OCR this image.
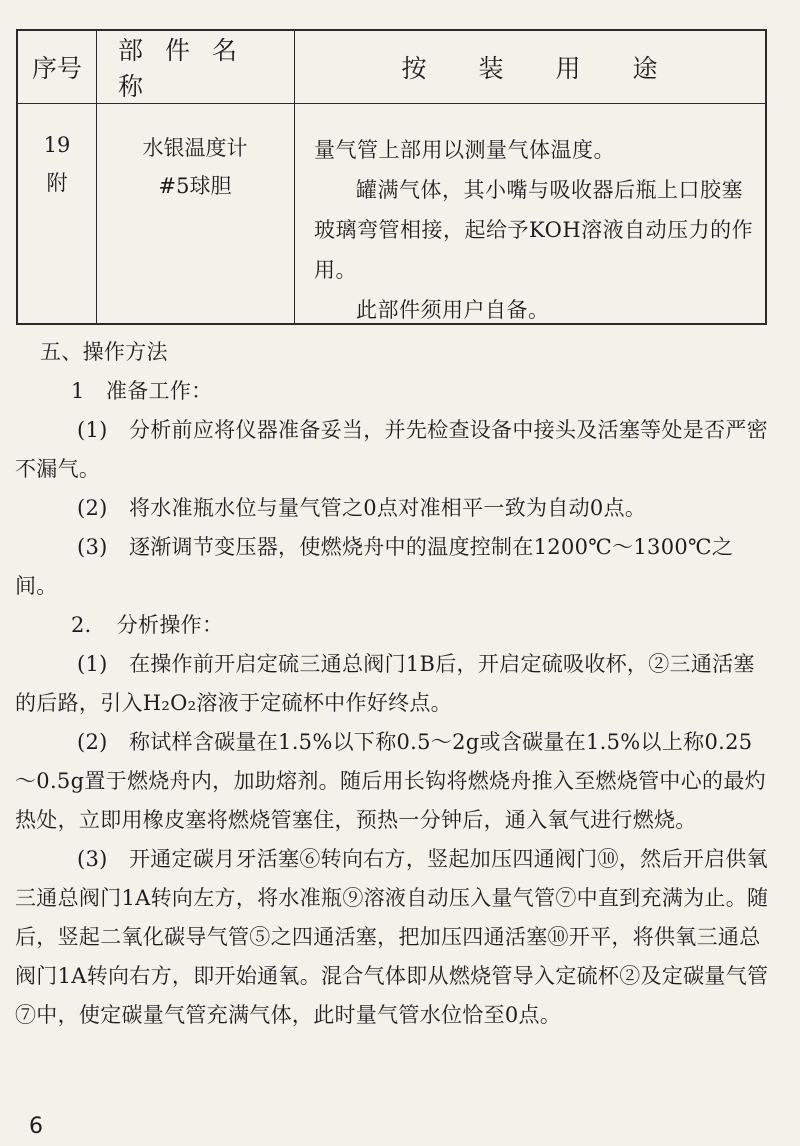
序号
部件名称
按装用途
19
附
水银温度计
#5球胆

量气管上部用以测量气体温度。

罐满气体，其小嘴与吸收器后瓶上口胶塞玻璃弯管相接，起给予KOH溶液自动压力的作用。

此部件须用户自备。

五、操作方法

1　准备工作：

(1)　分析前应将仪器准备妥当，并先检查设备中接头及活塞等处是否严密不漏气。

(2)　将水准瓶水位与量气管之0点对准相平一致为自动0点。

(3)　逐渐调节变压器，使燃烧舟中的温度控制在1200℃～1300℃之间。

2．　分析操作：

(1)　在操作前开启定硫三通总阀门1B后，开启定硫吸收杯，②三通活塞的后路，引入H₂O₂溶液于定硫杯中作好终点。

(2)　称试样含碳量在1.5%以下称0.5～2g或含碳量在1.5%以上称0.25～0.5g置于燃烧舟内，加助熔剂。随后用长钩将燃烧舟推入至燃烧管中心的最灼热处，立即用橡皮塞将燃烧管塞住，预热一分钟后，通入氧气进行燃烧。

(3)　开通定碳月牙活塞⑥转向右方，竖起加压四通阀门⑩，然后开启供氧三通总阀门1A转向左方，将水准瓶⑨溶液自动压入量气管⑦中直到充满为止。随后，竖起二氧化碳导气管⑤之四通活塞，把加压四通活塞⑩开平，将供氧三通总阀门1A转向右方，即开始通氧。混合气体即从燃烧管导入定硫杯②及定碳量气管⑦中，使定碳量气管充满气体，此时量气管水位恰至0点。

6
